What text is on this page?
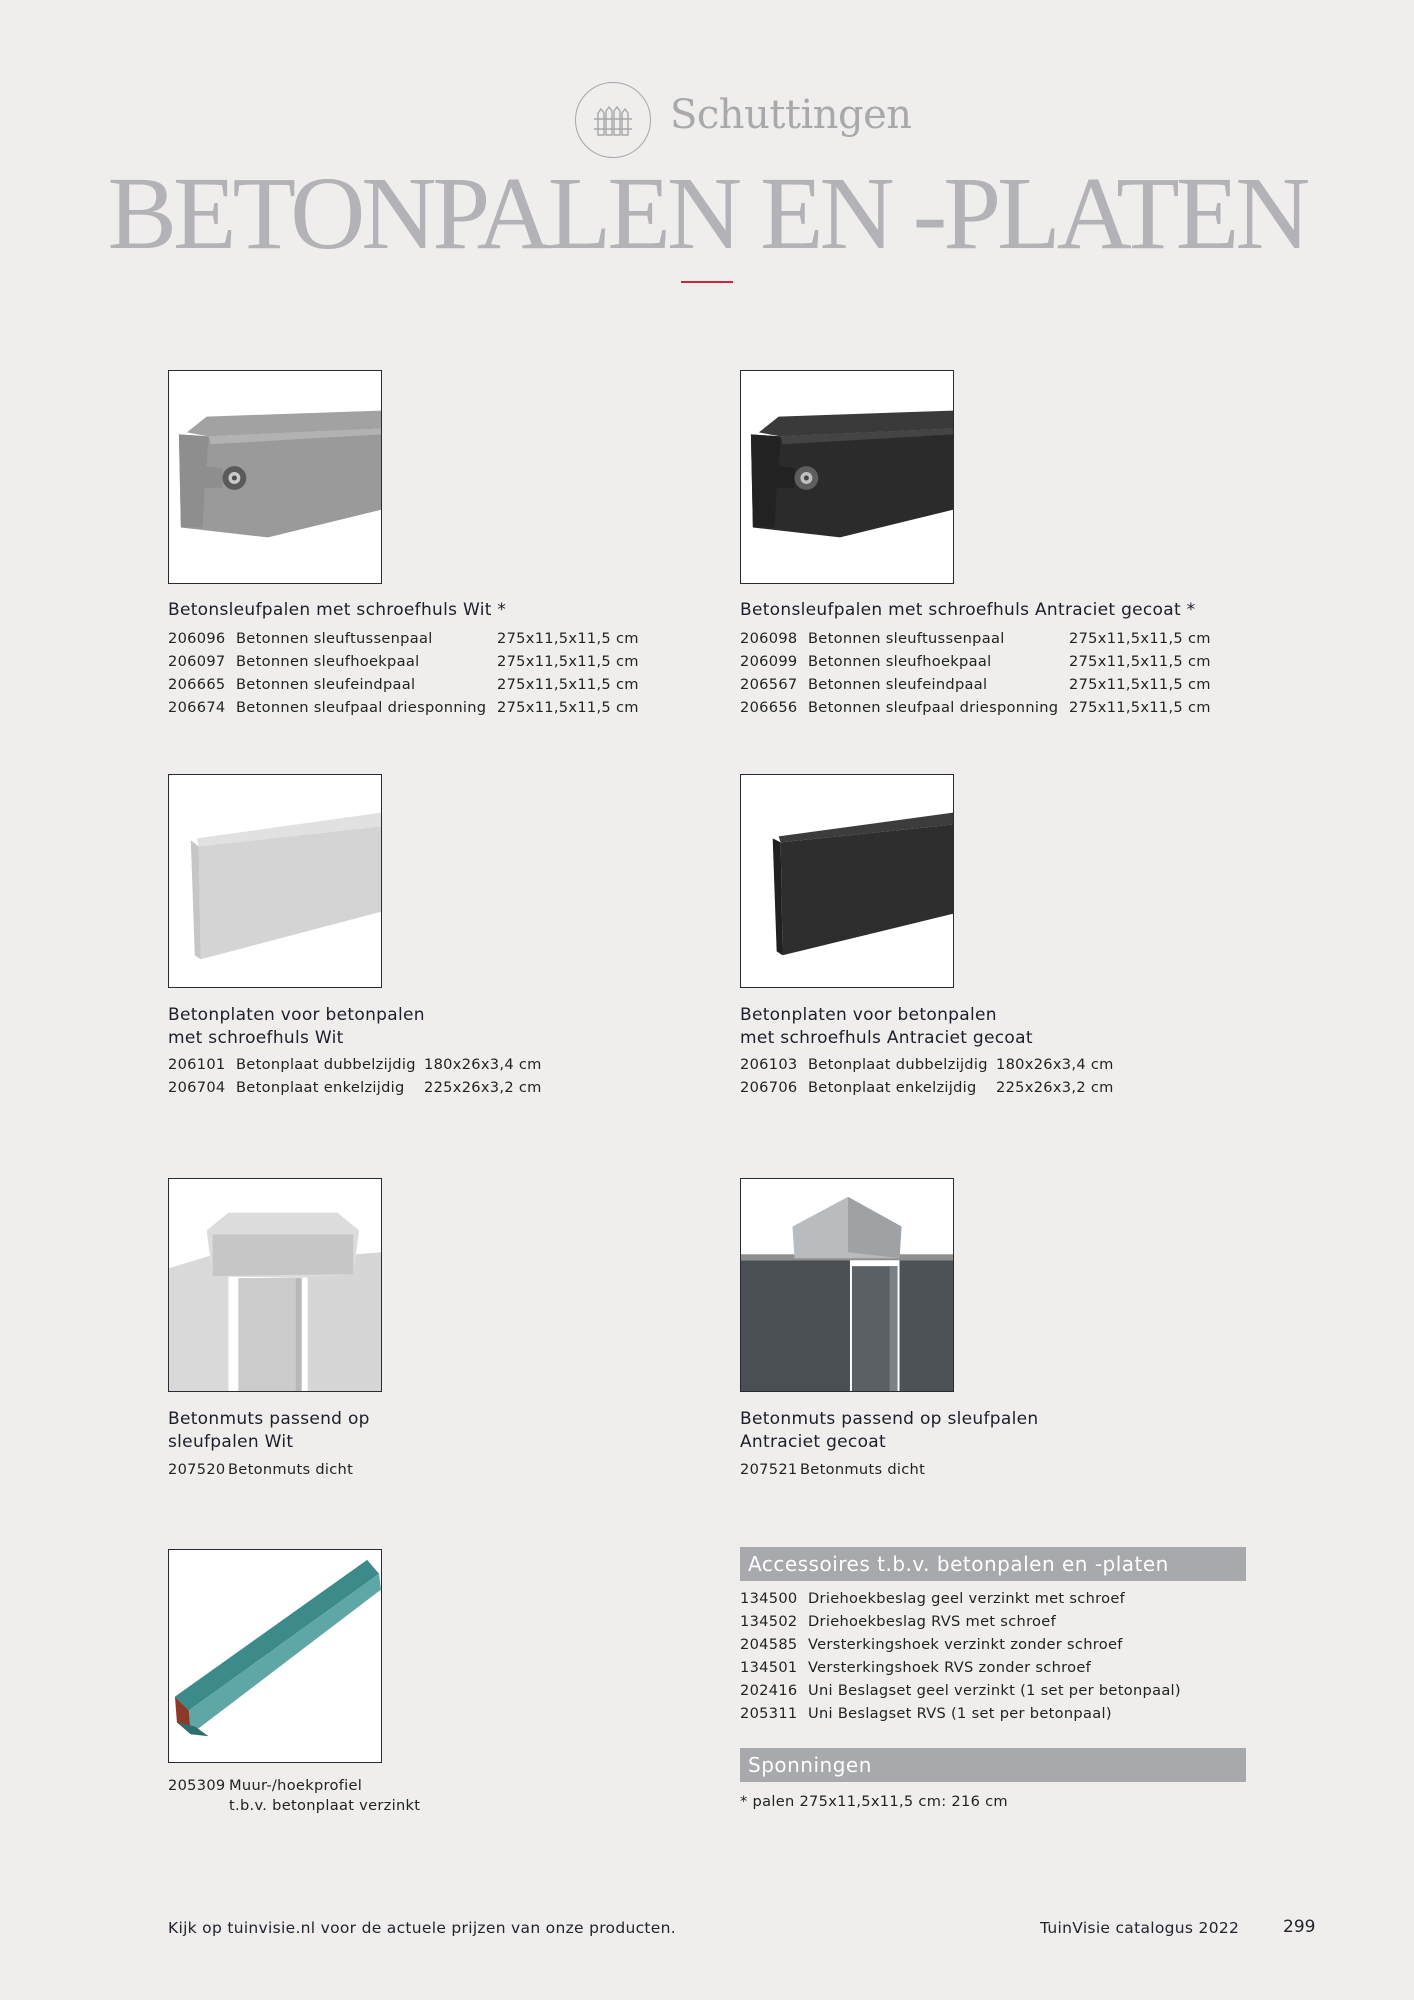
Schuttingen
BETONPALEN EN -PLATEN
Betonsleufpalen met schroefhuls Wit *
206096 Betonnen sleuftussenpaal	275x11,5x11,5 cm
206097 Betonnen sleufhoekpaal	275x11,5x11,5 cm
206665 Betonnen sleufeindpaal	275x11,5x11,5 cm
206674 Betonnen sleufpaal driesponning 275x11,5x11,5 cm
Betonsleufpalen met schroefhuls Antraciet gecoat *
206098 Betonnen sleuftussenpaal	275x11,5x11,5 cm
206099 Betonnen sleufhoekpaal	275x11,5x11,5 cm
206567 Betonnen sleufeindpaal	275x11,5x11,5 cm
206656 Betonnen sleufpaal driesponning 275x11,5x11,5 cm
Betonplaten voor betonpalen
met schroefhuls Wit
206101 Betonplaat dubbelzijdig 180x26x3,4 cm
206704 Betonplaat enkelzijdig 225x26x3,2 cm
Betonplaten voor betonpalen
met schroefhuls Antraciet gecoat
206103 Betonplaat dubbelzijdig 180x26x3,4 cm
206706 Betonplaat enkelzijdig 225x26x3,2 cm
Betonmuts passend op
sleufpalen Wit
207520 Betonmuts dicht
Betonmuts passend op sleufpalen
Antraciet gecoat
207521 Betonmuts dicht
205309 Muur-/hoekprofiel
t.b.v. betonplaat verzinkt
Accessoires t.b.v. betonpalen en -platen
134500 Driehoekbeslag geel verzinkt met schroef
134502 Driehoekbeslag RVS met schroef
204585 Versterkingshoek verzinkt zonder schroef
134501 Versterkingshoek RVS zonder schroef
202416 Uni Beslagset geel verzinkt (1 set per betonpaal)
205311 Uni Beslagset RVS (1 set per betonpaal)
Sponningen
* palen 275x11,5x11,5 cm: 216 cm
Kijk op tuinvisie.nl voor de actuele prijzen van onze producten.	TuinVisie catalogus 2022	299
